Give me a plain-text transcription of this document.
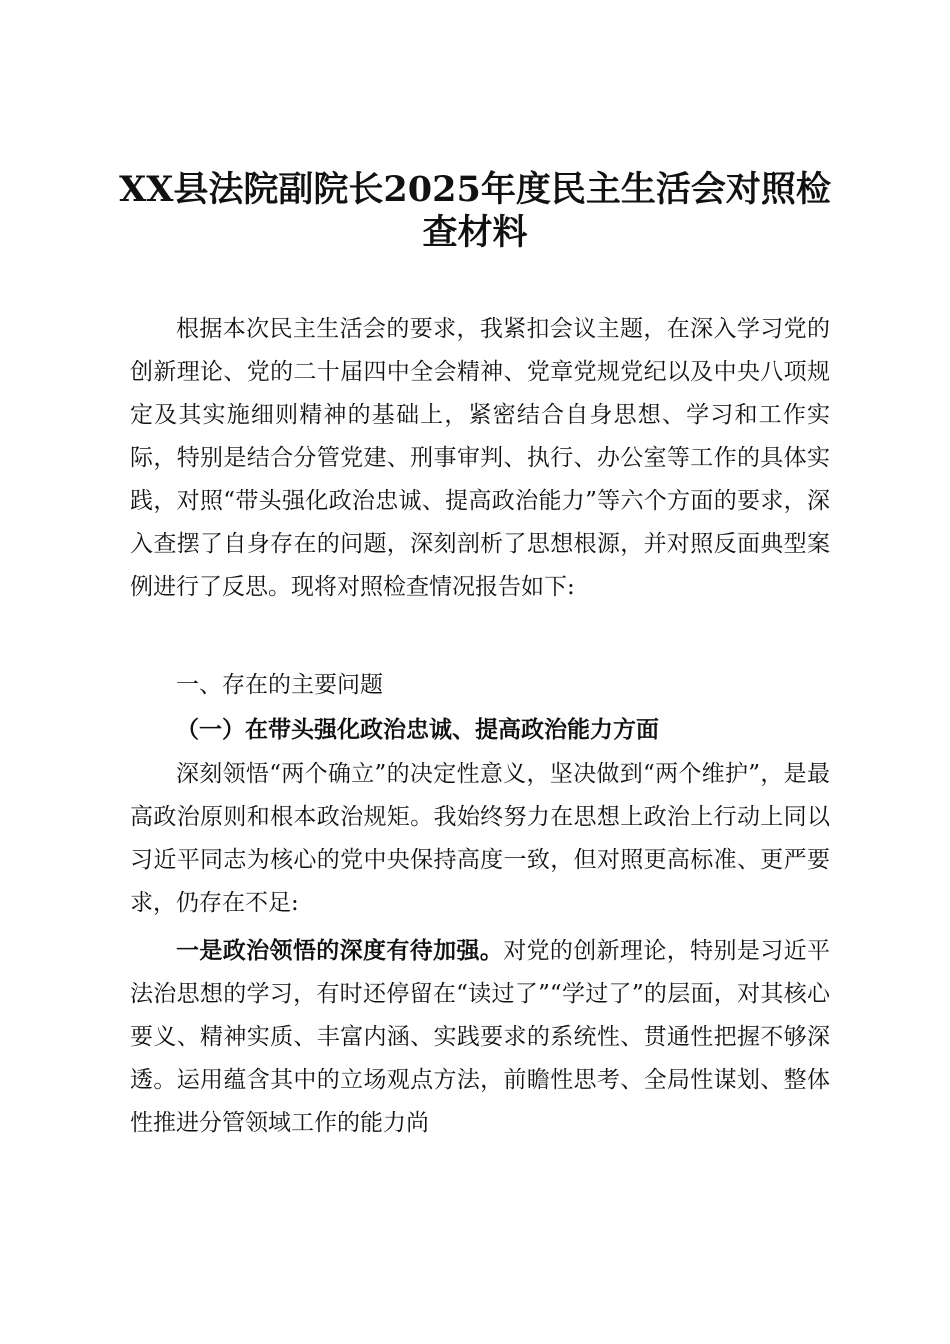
XX县法院副院长2025年度民主生活会对照检
查材料

根据本次民主生活会的要求，我紧扣会议主题，在深入学习党的创新理论、党的二十届四中全会精神、党章党规党纪以及中央八项规定及其实施细则精神的基础上，紧密结合自身思想、学习和工作实际，特别是结合分管党建、刑事审判、执行、办公室等工作的具体实践，对照“带头强化政治忠诚、提高政治能力”等六个方面的要求，深入查摆了自身存在的问题，深刻剖析了思想根源，并对照反面典型案例进行了反思。现将对照检查情况报告如下:

一、存在的主要问题

（一）在带头强化政治忠诚、提高政治能力方面

深刻领悟“两个确立”的决定性意义，坚决做到“两个维护”，是最高政治原则和根本政治规矩。我始终努力在思想上政治上行动上同以习近平同志为核心的党中央保持高度一致，但对照更高标准、更严要求，仍存在不足:

一是政治领悟的深度有待加强。对党的创新理论，特别是习近平法治思想的学习，有时还停留在“读过了”“学过了”的层面，对其核心要义、精神实质、丰富内涵、实践要求的系统性、贯通性把握不够深透。运用蕴含其中的立场观点方法，前瞻性思考、全局性谋划、整体性推进分管领域工作的能力尚
